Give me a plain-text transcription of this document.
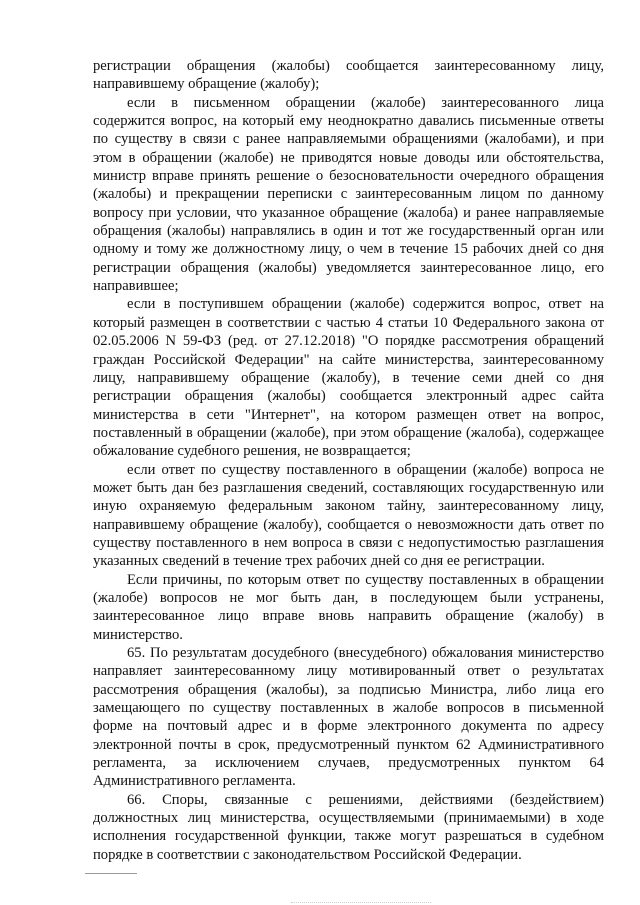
регистрации обращения (жалобы) сообщается заинтересованному лицу, направившему обращение (жалобу);

если в письменном обращении (жалобе) заинтересованного лица содержится вопрос, на который ему неоднократно давались письменные ответы по существу в связи с ранее направляемыми обращениями (жалобами), и при этом в обращении (жалобе) не приводятся новые доводы или обстоятельства, министр вправе принять решение о безосновательности очередного обращения (жалобы) и прекращении переписки с заинтересованным лицом по данному вопросу при условии, что указанное обращение (жалоба) и ранее направляемые обращения (жалобы) направлялись в один и тот же государственный орган или одному и тому же должностному лицу, о чем в течение 15 рабочих дней со дня регистрации обращения (жалобы) уведомляется заинтересованное лицо, его направившее;

если в поступившем обращении (жалобе) содержится вопрос, ответ на который размещен в соответствии с частью 4 статьи 10 Федерального закона от 02.05.2006 N 59-ФЗ (ред. от 27.12.2018) "О порядке рассмотрения обращений граждан Российской Федерации" на сайте министерства, заинтересованному лицу, направившему обращение (жалобу), в течение семи дней со дня регистрации обращения (жалобы) сообщается электронный адрес сайта министерства в сети "Интернет", на котором размещен ответ на вопрос, поставленный в обращении (жалобе), при этом обращение (жалоба), содержащее обжалование судебного решения, не возвращается;

если ответ по существу поставленного в обращении (жалобе) вопроса не может быть дан без разглашения сведений, составляющих государственную или иную охраняемую федеральным законом тайну, заинтересованному лицу, направившему обращение (жалобу), сообщается о невозможности дать ответ по существу поставленного в нем вопроса в связи с недопустимостью разглашения указанных сведений в течение трех рабочих дней со дня ее регистрации.

Если причины, по которым ответ по существу поставленных в обращении (жалобе) вопросов не мог быть дан, в последующем были устранены, заинтересованное лицо вправе вновь направить обращение (жалобу) в министерство.

65. По результатам досудебного (внесудебного) обжалования министерство направляет заинтересованному лицу мотивированный ответ о результатах рассмотрения обращения (жалобы), за подписью Министра, либо лица его замещающего по существу поставленных в жалобе вопросов в письменной форме на почтовый адрес и в форме электронного документа по адресу электронной почты в срок, предусмотренный пунктом 62 Административного регламента, за исключением случаев, предусмотренных пунктом 64 Административного регламента.

66. Споры, связанные с решениями, действиями (бездействием) должностных лиц министерства, осуществляемыми (принимаемыми) в ходе исполнения государственной функции, также могут разрешаться в судебном порядке в соответствии с законодательством Российской Федерации.
